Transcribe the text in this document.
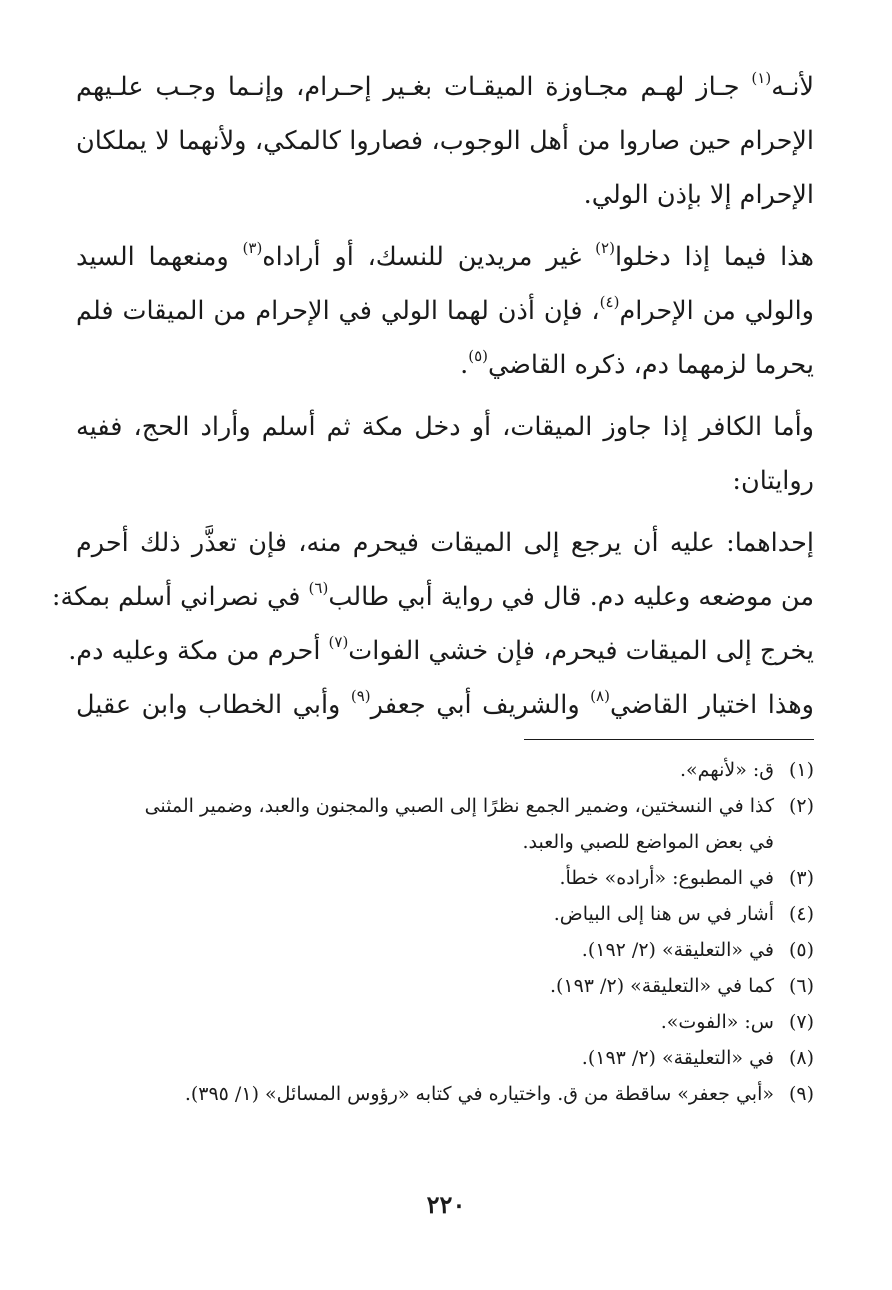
لأنـه$^{(١)}$ جـاز لهـم مجـاوزة الميقـات بغـير إحـرام، وإنـما وجـب علـيهم
الإحرام حين صاروا من أهل الوجوب، فصاروا كالمكي، ولأنهما لا يملكان
الإحرام إلا بإذن الولي.

هذا فيما إذا دخلوا$^{(٢)}$ غير مريدين للنسك، أو أراداه$^{(٣)}$ ومنعهما السيد
والولي من الإحرام$^{(٤)}$، فإن أذن لهما الولي في الإحرام من الميقات فلم
يحرما لزمهما دم، ذكره القاضي$^{(٥)}$.

وأما الكافر إذا جاوز الميقات، أو دخل مكة ثم أسلم وأراد الحج، ففيه
روايتان:

إحداهما: عليه أن يرجع إلى الميقات فيحرم منه، فإن تعذَّر ذلك أحرم
من موضعه وعليه دم. قال في رواية أبي طالب$^{(٦)}$ في نصراني أسلم بمكة:
يخرج إلى الميقات فيحرم، فإن خشي الفوات$^{(٧)}$ أحرم من مكة وعليه دم.
وهذا اختيار القاضي$^{(٨)}$ والشريف أبي جعفر$^{(٩)}$ وأبي الخطاب وابن عقيل

(١)
ق: «لأنهم».
(٢)
كذا في النسختين، وضمير الجمع نظرًا إلى الصبي والمجنون والعبد، وضمير المثنى
في بعض المواضع للصبي والعبد.
(٣)
في المطبوع: «أراده» خطأ.
(٤)
أشار في س هنا إلى البياض.
(٥)
في «التعليقة» (٢/ ١٩٢).
(٦)
كما في «التعليقة» (٢/ ١٩٣).
(٧)
س: «الفوت».
(٨)
في «التعليقة» (٢/ ١٩٣).
(٩)
«أبي جعفر» ساقطة من ق. واختياره في كتابه «رؤوس المسائل» (١/ ٣٩٥).
٢٢٠
